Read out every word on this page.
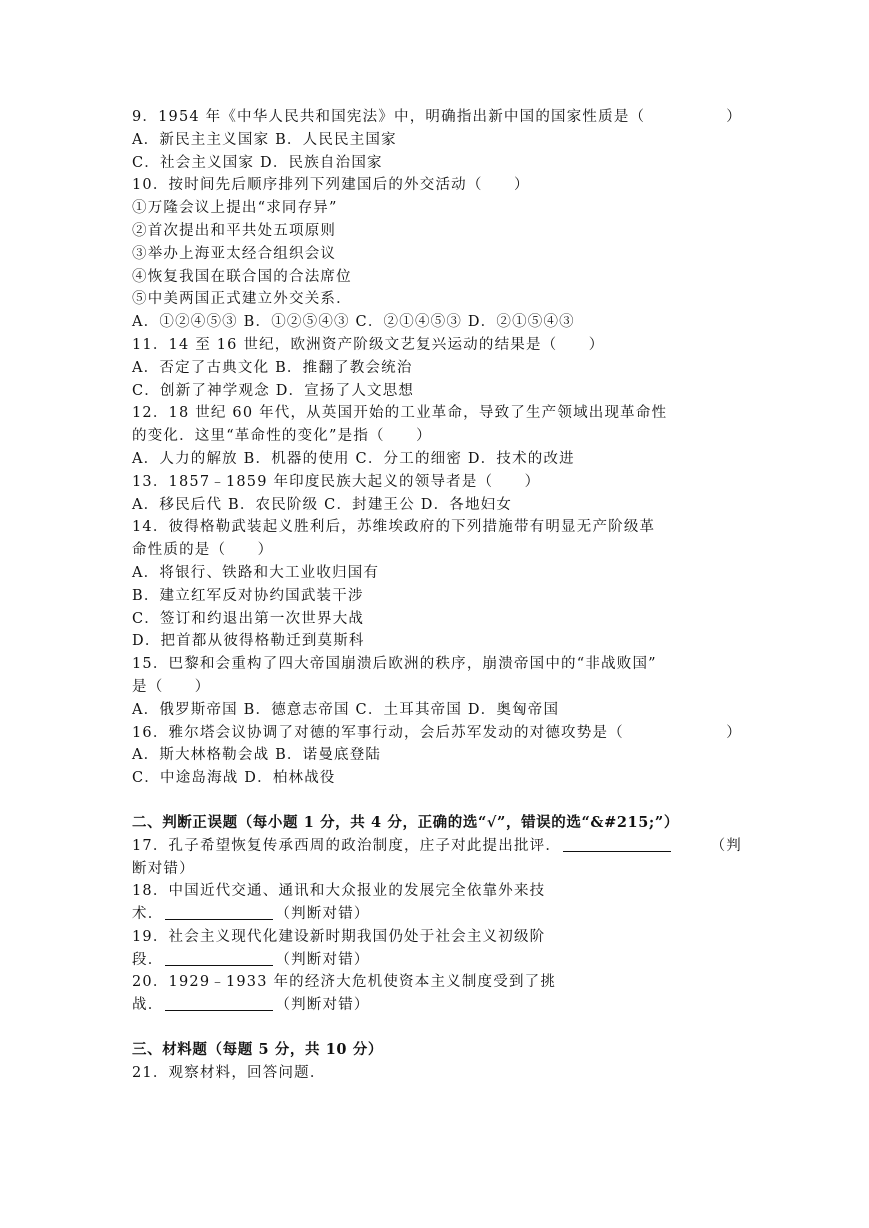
9．1954 年《中华人民共和国宪法》中，明确指出新中国的国家性质是（	）
A．新民主主义国家 B．人民民主国家
C．社会主义国家 D．民族自治国家
10．按时间先后顺序排列下列建国后的外交活动（　　）
①万隆会议上提出“求同存异”
②首次提出和平共处五项原则
③举办上海亚太经合组织会议
④恢复我国在联合国的合法席位
⑤中美两国正式建立外交关系．
A．①②④⑤③ B．①②⑤④③ C．②①④⑤③ D．②①⑤④③
11．14 至 16 世纪，欧洲资产阶级文艺复兴运动的结果是（　　）
A．否定了古典文化 B．推翻了教会统治
C．创新了神学观念 D．宣扬了人文思想
12．18 世纪 60 年代，从英国开始的工业革命，导致了生产领域出现革命性
的变化．这里“革命性的变化”是指（　　）
A．人力的解放 B．机器的使用 C．分工的细密 D．技术的改进
13．1857﹣1859 年印度民族大起义的领导者是（　　）
A．移民后代 B．农民阶级 C．封建王公 D．各地妇女
14．彼得格勒武装起义胜利后，苏维埃政府的下列措施带有明显无产阶级革
命性质的是（　　）
A．将银行、铁路和大工业收归国有
B．建立红军反对协约国武装干涉
C．签订和约退出第一次世界大战
D．把首都从彼得格勒迁到莫斯科
15．巴黎和会重构了四大帝国崩溃后欧洲的秩序，崩溃帝国中的“非战败国”
是（　　）
A．俄罗斯帝国 B．德意志帝国 C．土耳其帝国 D．奥匈帝国
16．雅尔塔会议协调了对德的军事行动，会后苏军发动的对德攻势是（	）
A．斯大林格勒会战 B．诺曼底登陆
C．中途岛海战 D．柏林战役
二、判断正误题（每小题 1 分，共 4 分，正确的选“√”，错误的选“&#215;”）
17．孔子希望恢复传承西周的政治制度，庄子对此提出批评．	（判
断对错）
18．中国近代交通、通讯和大众报业的发展完全依靠外来技
术．	（判断对错）
19．社会主义现代化建设新时期我国仍处于社会主义初级阶
段．	（判断对错）
20．1929﹣1933 年的经济大危机使资本主义制度受到了挑
战．	（判断对错）
三、材料题（每题 5 分，共 10 分）
21．观察材料，回答问题．
